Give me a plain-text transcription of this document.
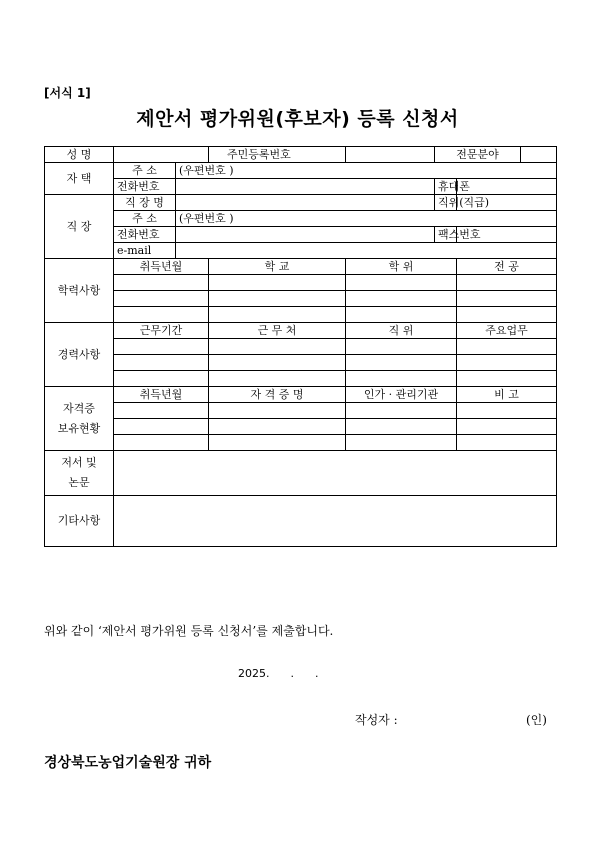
[서식 1]
제안서 평가위원(후보자) 등록 신청서
성 명			주민등록번호		전문분야		
자 택	주 소	(우편번호 )					
	전화번호				휴대폰		
직 장	직 장 명				직위(직급)		
	주 소	(우편번호 )					
	전화번호				팩스번호		
	e-mail						
학력사항	취득년월		학 교	학 위		전 공	

경력사항	근무기간		근 무 처	직 위		주요업무	

자격증
보유현황	취득년월		자 격 증 명	인가 · 관리기관		비 고	

저서 및
논문							
기타사항							
위와 같이 ‘제안서 평가위원 등록 신청서’를 제출합니다.
2025.      .      .
작성자 :	(인)
경상북도농업기술원장 귀하
